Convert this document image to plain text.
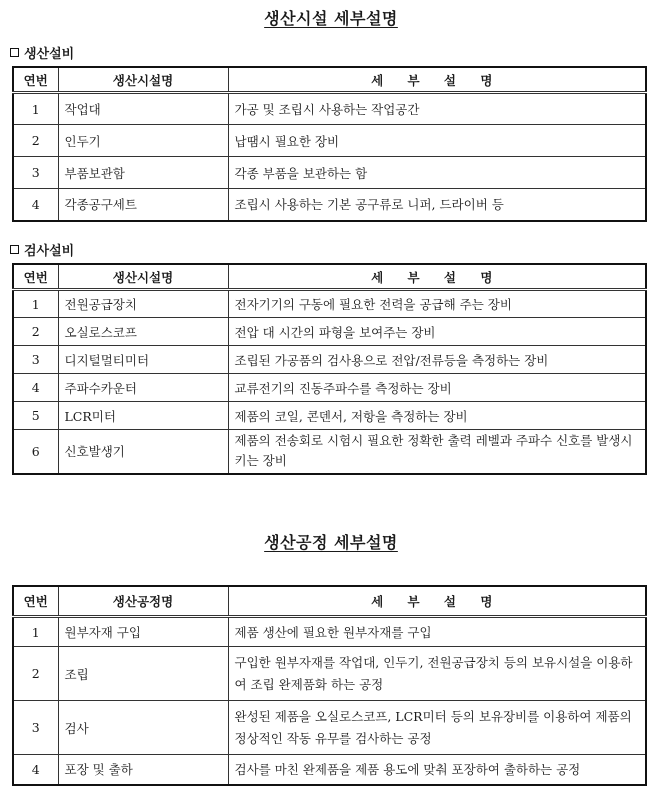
생산시설 세부설명
생산설비
연번	생산시설명	세 부 설 명
1	작업대	가공 및 조립시 사용하는 작업공간
2	인두기	납땜시 필요한 장비
3	부품보관함	각종 부품을 보관하는 함
4	각종공구세트	조립시 사용하는 기본 공구류로 니퍼, 드라이버 등
검사설비
연번	생산시설명	세 부 설 명
1	전원공급장치	전자기기의 구동에 필요한 전력을 공급해 주는 장비
2	오실로스코프	전압 대 시간의 파형을 보여주는 장비
3	디지털멀티미터	조립된 가공품의 검사용으로 전압/전류등을 측정하는 장비
4	주파수카운터	교류전기의 진동주파수를 측정하는 장비
5	LCR미터	제품의 코일, 콘덴서, 저항을 측정하는 장비
6	신호발생기	제품의 전송회로 시험시 필요한 정확한 출력 레벨과 주파수 신호를 발생시키는 장비
생산공정 세부설명
연번	생산공정명	세 부 설 명
1	원부자재 구입	제품 생산에 필요한 원부자재를 구입
2	조립	구입한 원부자재를 작업대, 인두기, 전원공급장치 등의 보유시설을 이용하여 조립 완제품화 하는 공정
3	검사	완성된 제품을 오실로스코프, LCR미터 등의 보유장비를 이용하여 제품의 정상적인 작동 유무를 검사하는 공정
4	포장 및 출하	검사를 마친 완제품을 제품 용도에 맞춰 포장하여 출하하는 공정
